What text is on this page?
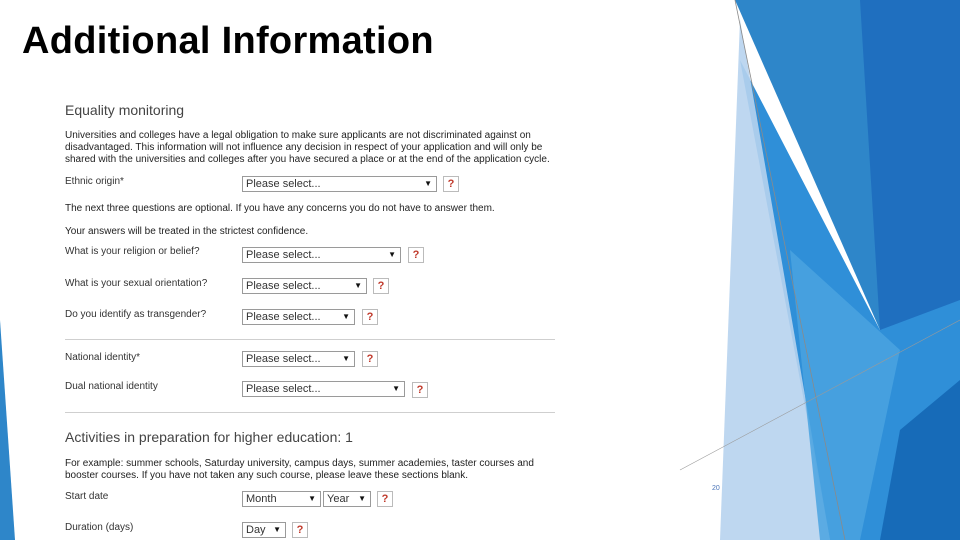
Additional Information
Equality monitoring
Universities and colleges have a legal obligation to make sure applicants are not discriminated against on disadvantaged. This information will not influence any decision in respect of your application and will only be shared with the universities and colleges after you have secured a place or at the end of the application cycle.
Ethnic origin*	Please select...	▼	?
The next three questions are optional. If you have any concerns you do not have to answer them.
Your answers will be treated in the strictest confidence.
What is your religion or belief?	Please select...	▼	?
What is your sexual orientation?	Please select...	▼	?
Do you identify as transgender?	Please select...	▼	?
National identity*	Please select...	▼	?
Dual national identity	Please select...	▼	?
Activities in preparation for higher education: 1
For example: summer schools, Saturday university, campus days, summer academies, taster courses and booster courses. If you have not taken any such course, please leave these sections blank.
Start date	Month	▼ Year ▼	?
Duration (days)	Day ▼	?
20
